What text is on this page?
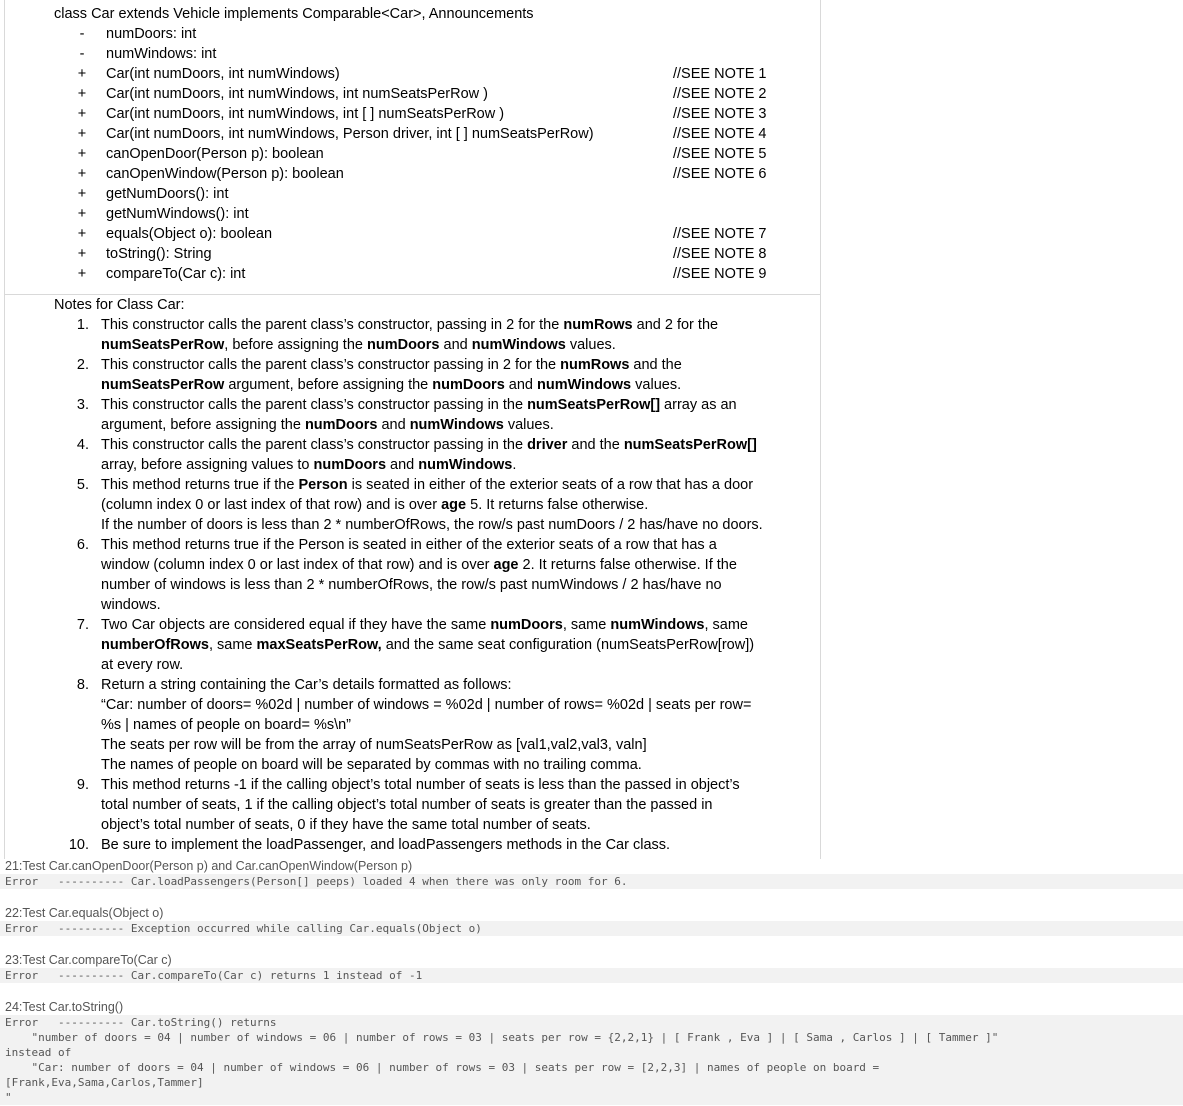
class Car extends Vehicle implements Comparable<Car>, Announcements
-	numDoors: int
-	numWindows: int
+ Car(int numDoors, int numWindows)	//SEE NOTE 1
+ Car(int numDoors, int numWindows, int numSeatsPerRow )	//SEE NOTE 2
+ Car(int numDoors, int numWindows, int [ ] numSeatsPerRow )	//SEE NOTE 3
+ Car(int numDoors, int numWindows, Person driver, int [ ] numSeatsPerRow)	//SEE NOTE 4
+ canOpenDoor(Person p): boolean	//SEE NOTE 5
+ canOpenWindow(Person p): boolean	//SEE NOTE 6
+ getNumDoors(): int
+ getNumWindows(): int
+ equals(Object o): boolean	//SEE NOTE 7
+ toString(): String	//SEE NOTE 8
+ compareTo(Car c): int	//SEE NOTE 9
Notes for Class Car:
1. This constructor calls the parent class’s constructor, passing in 2 for the numRows and 2 for the
numSeatsPerRow, before assigning the numDoors and numWindows values.
2. This constructor calls the parent class’s constructor passing in 2 for the numRows and the
numSeatsPerRow argument, before assigning the numDoors and numWindows values.
3. This constructor calls the parent class’s constructor passing in the numSeatsPerRow[] array as an
argument, before assigning the numDoors and numWindows values.
4. This constructor calls the parent class’s constructor passing in the driver and the numSeatsPerRow[]
array, before assigning values to numDoors and numWindows.
5. This method returns true if the Person is seated in either of the exterior seats of a row that has a door
(column index 0 or last index of that row) and is over age 5. It returns false otherwise.
If the number of doors is less than 2 * numberOfRows, the row/s past numDoors / 2 has/have no doors.
6. This method returns true if the Person is seated in either of the exterior seats of a row that has a
window (column index 0 or last index of that row) and is over age 2. It returns false otherwise. If the
number of windows is less than 2 * numberOfRows, the row/s past numWindows / 2 has/have no
windows.
7. Two Car objects are considered equal if they have the same numDoors, same numWindows, same
numberOfRows, same maxSeatsPerRow, and the same seat configuration (numSeatsPerRow[row])
at every row.
8. Return a string containing the Car’s details formatted as follows:
“Car: number of doors= %02d | number of windows = %02d | number of rows= %02d | seats per row=
%s | names of people on board= %s\n”
The seats per row will be from the array of numSeatsPerRow as [val1,val2,val3, valn]
The names of people on board will be separated by commas with no trailing comma.
9. This method returns -1 if the calling object’s total number of seats is less than the passed in object’s
total number of seats, 1 if the calling object’s total number of seats is greater than the passed in
object’s total number of seats, 0 if they have the same total number of seats.
10. Be sure to implement the loadPassenger, and loadPassengers methods in the Car class.
21:Test Car.canOpenDoor(Person p) and Car.canOpenWindow(Person p)
Error   ---------- Car.loadPassengers(Person[] peeps) loaded 4 when there was only room for 6.
22:Test Car.equals(Object o)
Error   ---------- Exception occurred while calling Car.equals(Object o)
23:Test Car.compareTo(Car c)
Error   ---------- Car.compareTo(Car c) returns 1 instead of -1
24:Test Car.toString()
Error   ---------- Car.toString() returns
"number of doors = 04 | number of windows = 06 | number of rows = 03 | seats per row = {2,2,1} | [ Frank , Eva ] | [ Sama , Carlos ] | [ Tammer ]"
instead of
"Car: number of doors = 04 | number of windows = 06 | number of rows = 03 | seats per row = [2,2,3] | names of people on board =
[Frank,Eva,Sama,Carlos,Tammer]
"
